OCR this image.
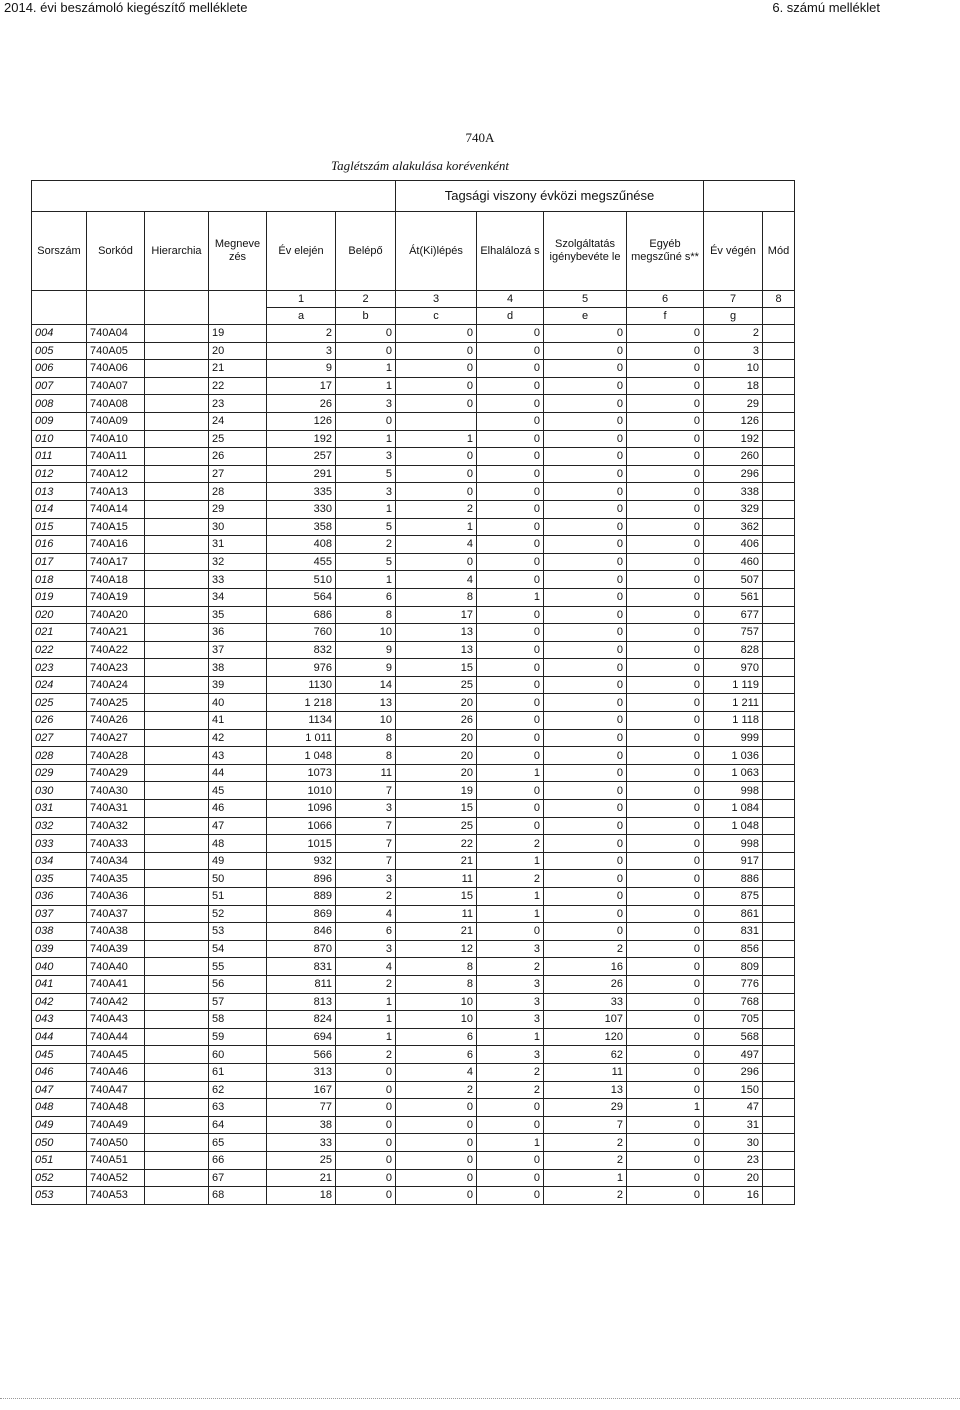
2014. évi beszámoló kiegészítő melléklete	6. számú melléklet
740A
Taglétszám alakulása korévenként
						Tagsági viszony évközi megszűnése					
Sorszám	Sorkód	Hierarchia	Megneve zés	Év elején	Belépő	Át(Ki)lépés	Elhalálozá s	Szolgáltatás igénybevéte le	Egyéb megszűné s**	Év végén	Mód
				1	2	3	4	5	6	7	8
				a	b	c	d	e	f	g	
004	740A04		19	2	0	0	0	0	0	2	
005	740A05		20	3	0	0	0	0	0	3	
006	740A06		21	9	1	0	0	0	0	10	
007	740A07		22	17	1	0	0	0	0	18	
008	740A08		23	26	3	0	0	0	0	29	
009	740A09		24	126	0		0	0	0	126	
010	740A10		25	192	1	1	0	0	0	192	
011	740A11		26	257	3	0	0	0	0	260	
012	740A12		27	291	5	0	0	0	0	296	
013	740A13		28	335	3	0	0	0	0	338	
014	740A14		29	330	1	2	0	0	0	329	
015	740A15		30	358	5	1	0	0	0	362	
016	740A16		31	408	2	4	0	0	0	406	
017	740A17		32	455	5	0	0	0	0	460	
018	740A18		33	510	1	4	0	0	0	507	
019	740A19		34	564	6	8	1	0	0	561	
020	740A20		35	686	8	17	0	0	0	677	
021	740A21		36	760	10	13	0	0	0	757	
022	740A22		37	832	9	13	0	0	0	828	
023	740A23		38	976	9	15	0	0	0	970	
024	740A24		39	1130	14	25	0	0	0	1 119	
025	740A25		40	1 218	13	20	0	0	0	1 211	
026	740A26		41	1134	10	26	0	0	0	1 118	
027	740A27		42	1 011	8	20	0	0	0	999	
028	740A28		43	1 048	8	20	0	0	0	1 036	
029	740A29		44	1073	11	20	1	0	0	1 063	
030	740A30		45	1010	7	19	0	0	0	998	
031	740A31		46	1096	3	15	0	0	0	1 084	
032	740A32		47	1066	7	25	0	0	0	1 048	
033	740A33		48	1015	7	22	2	0	0	998	
034	740A34		49	932	7	21	1	0	0	917	
035	740A35		50	896	3	11	2	0	0	886	
036	740A36		51	889	2	15	1	0	0	875	
037	740A37		52	869	4	11	1	0	0	861	
038	740A38		53	846	6	21	0	0	0	831	
039	740A39		54	870	3	12	3	2	0	856	
040	740A40		55	831	4	8	2	16	0	809	
041	740A41		56	811	2	8	3	26	0	776	
042	740A42		57	813	1	10	3	33	0	768	
043	740A43		58	824	1	10	3	107	0	705	
044	740A44		59	694	1	6	1	120	0	568	
045	740A45		60	566	2	6	3	62	0	497	
046	740A46		61	313	0	4	2	11	0	296	
047	740A47		62	167	0	2	2	13	0	150	
048	740A48		63	77	0	0	0	29	1	47	
049	740A49		64	38	0	0	0	7	0	31	
050	740A50		65	33	0	0	1	2	0	30	
051	740A51		66	25	0	0	0	2	0	23	
052	740A52		67	21	0	0	0	1	0	20	
053	740A53		68	18	0	0	0	2	0	16	
